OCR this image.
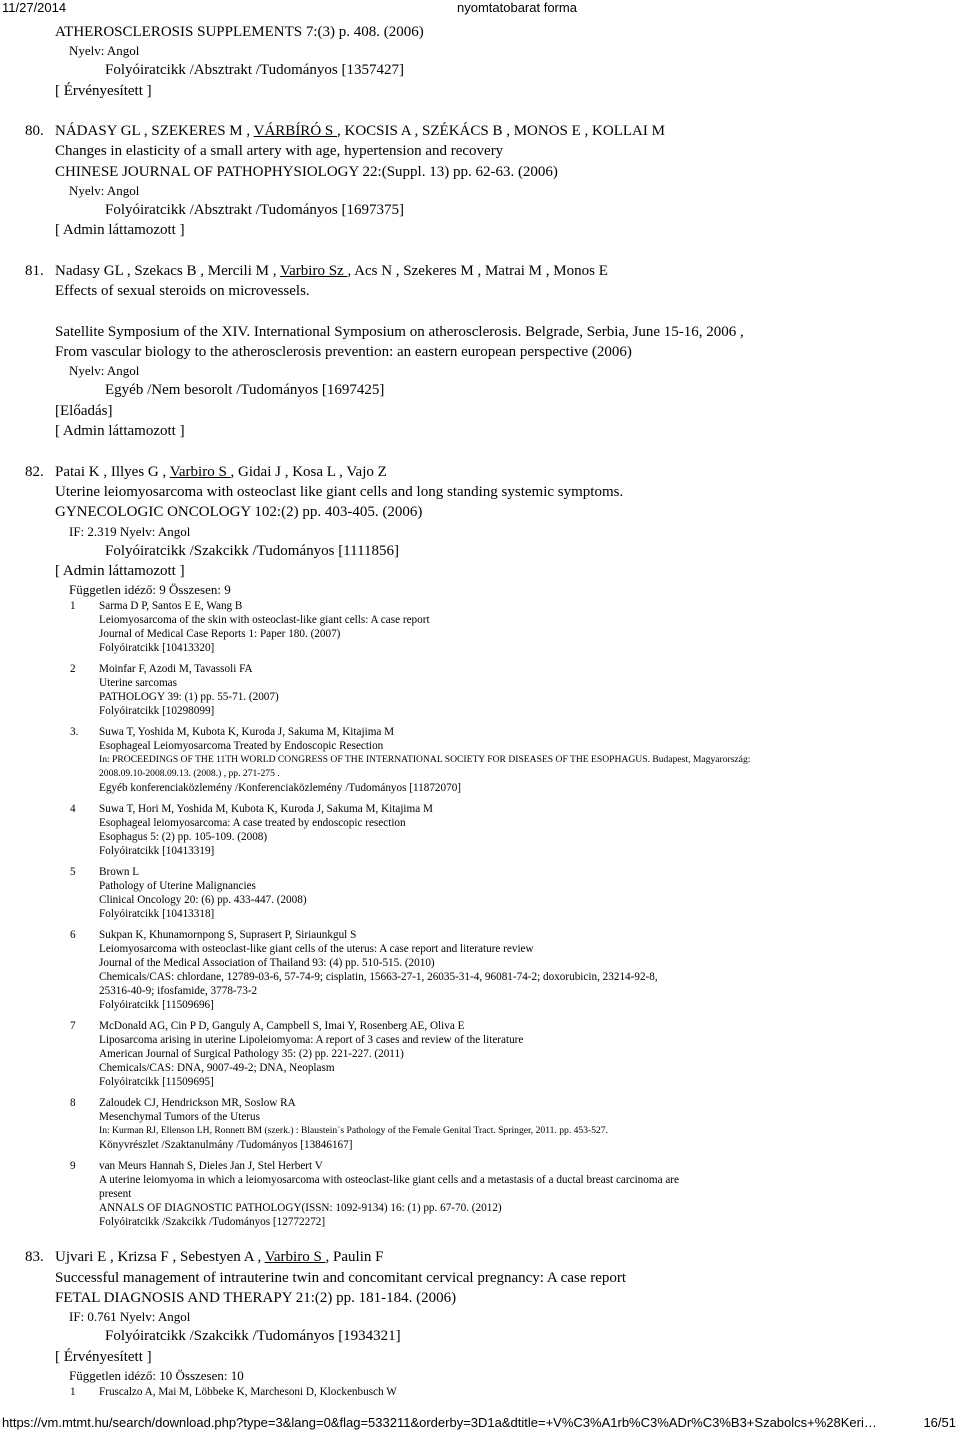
11/27/2014	nyomtatobarat forma
ATHEROSCLEROSIS SUPPLEMENTS 7:(3) p. 408. (2006)
Nyelv: Angol
Folyóiratcikk /Absztrakt /Tudományos [1357427]
[ Érvényesített ]
80. NÁDASY GL , SZEKERES M , VÁRBÍRÓ S , KOCSIS A , SZÉKÁCS B , MONOS E , KOLLAI M
Changes in elasticity of a small artery with age, hypertension and recovery
CHINESE JOURNAL OF PATHOPHYSIOLOGY 22:(Suppl. 13) pp. 62-63. (2006)
Nyelv: Angol
Folyóiratcikk /Absztrakt /Tudományos [1697375]
[ Admin láttamozott ]
81. Nadasy GL , Szekacs B , Mercili M , Varbiro Sz , Acs N , Szekeres M , Matrai M , Monos E
Effects of sexual steroids on microvessels.
Satellite Symposium of the XIV. International Symposium on atherosclerosis. Belgrade, Serbia, June 15-16, 2006 ,
From vascular biology to the atherosclerosis prevention: an eastern european perspective (2006)
Nyelv: Angol
Egyéb /Nem besorolt /Tudományos [1697425]
[Előadás]
[ Admin láttamozott ]
82. Patai K , Illyes G , Varbiro S , Gidai J , Kosa L , Vajo Z
Uterine leiomyosarcoma with osteoclast like giant cells and long standing systemic symptoms.
GYNECOLOGIC ONCOLOGY 102:(2) pp. 403-405. (2006)
IF: 2.319 Nyelv: Angol
Folyóiratcikk /Szakcikk /Tudományos [1111856]
[ Admin láttamozott ]
Független idéző: 9 Összesen: 9
1	Sarma D P, Santos E E, Wang B
Leiomyosarcoma of the skin with osteoclast-like giant cells: A case report
Journal of Medical Case Reports 1: Paper 180. (2007)
Folyóiratcikk [10413320]
2	Moinfar F, Azodi M, Tavassoli FA
Uterine sarcomas
PATHOLOGY 39: (1) pp. 55-71. (2007)
Folyóiratcikk [10298099]
3.	Suwa T, Yoshida M, Kubota K, Kuroda J, Sakuma M, Kitajima M
Esophageal Leiomyosarcoma Treated by Endoscopic Resection
In: PROCEEDINGS OF THE 11TH WORLD CONGRESS OF THE INTERNATIONAL SOCIETY FOR DISEASES OF THE ESOPHAGUS. Budapest, Magyarország: 2008.09.10-2008.09.13. (2008.) , pp. 271-275 .
Egyéb konferenciaközlemény /Konferenciaközlemény /Tudományos [11872070]
4	Suwa T, Hori M, Yoshida M, Kubota K, Kuroda J, Sakuma M, Kitajima M
Esophageal leiomyosarcoma: A case treated by endoscopic resection
Esophagus 5: (2) pp. 105-109. (2008)
Folyóiratcikk [10413319]
5	Brown L
Pathology of Uterine Malignancies
Clinical Oncology 20: (6) pp. 433-447. (2008)
Folyóiratcikk [10413318]
6	Sukpan K, Khunamornpong S, Suprasert P, Siriaunkgul S
Leiomyosarcoma with osteoclast-like giant cells of the uterus: A case report and literature review
Journal of the Medical Association of Thailand 93: (4) pp. 510-515. (2010)
Chemicals/CAS: chlordane, 12789-03-6, 57-74-9; cisplatin, 15663-27-1, 26035-31-4, 96081-74-2; doxorubicin, 23214-92-8,
25316-40-9; ifosfamide, 3778-73-2
Folyóiratcikk [11509696]
7	McDonald AG, Cin P D, Ganguly A, Campbell S, Imai Y, Rosenberg AE, Oliva E
Liposarcoma arising in uterine Lipoleiomyoma: A report of 3 cases and review of the literature
American Journal of Surgical Pathology 35: (2) pp. 221-227. (2011)
Chemicals/CAS: DNA, 9007-49-2; DNA, Neoplasm
Folyóiratcikk [11509695]
8	Zaloudek CJ, Hendrickson MR, Soslow RA
Mesenchymal Tumors of the Uterus
In: Kurman RJ, Ellenson LH, Ronnett BM (szerk.) : Blaustein`s Pathology of the Female Genital Tract. Springer, 2011. pp. 453-527.
Könyvrészlet /Szaktanulmány /Tudományos [13846167]
9	van Meurs Hannah S, Dieles Jan J, Stel Herbert V
A uterine leiomyoma in which a leiomyosarcoma with osteoclast-like giant cells and a metastasis of a ductal breast carcinoma are
present
ANNALS OF DIAGNOSTIC PATHOLOGY(ISSN: 1092-9134) 16: (1) pp. 67-70. (2012)
Folyóiratcikk /Szakcikk /Tudományos [12772272]
83. Ujvari E , Krizsa F , Sebestyen A , Varbiro S , Paulin F
Successful management of intrauterine twin and concomitant cervical pregnancy: A case report
FETAL DIAGNOSIS AND THERAPY 21:(2) pp. 181-184. (2006)
IF: 0.761 Nyelv: Angol
Folyóiratcikk /Szakcikk /Tudományos [1934321]
[ Érvényesített ]
Független idéző: 10 Összesen: 10
1	Fruscalzo A, Mai M, Löbbeke K, Marchesoni D, Klockenbusch W
https://vm.mtmt.hu/search/download.php?type=3&lang=0&flag=533211&orderby=3D1a&dtitle=+V%C3%A1rb%C3%ADr%C3%B3+Szabolcs+%28Keri…	16/51
